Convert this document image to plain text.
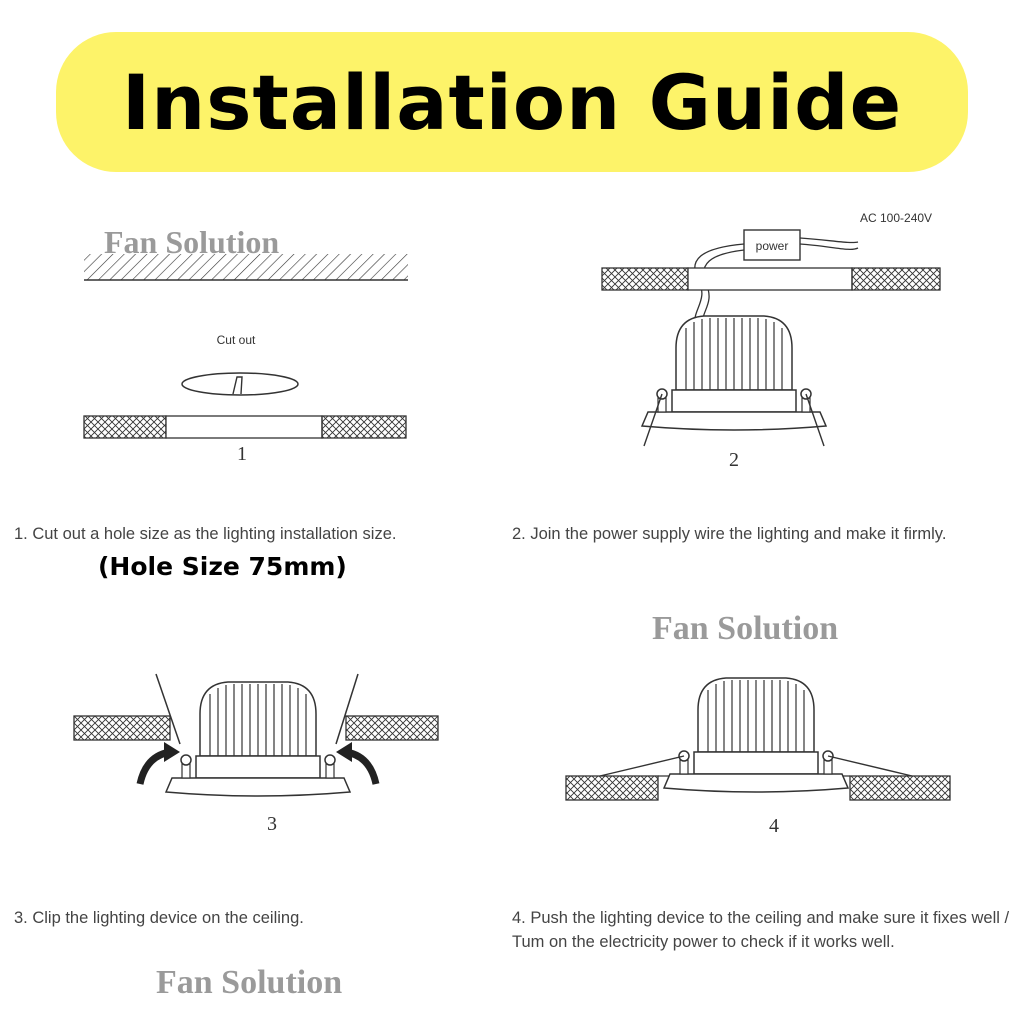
Installation Guide
Cut out
1
AC 100-240V
power
2
3	4
1. Cut out a hole size as the lighting installation size.
(Hole Size 75mm)
2. Join the power supply wire the lighting and make it firmly.
3. Clip the lighting device on the ceiling.	4. Push the lighting device to the ceiling and make sure it fixes well / Tum on the electricity power to check if it works well.
Fan Solution
Fan Solution
Fan Solution
